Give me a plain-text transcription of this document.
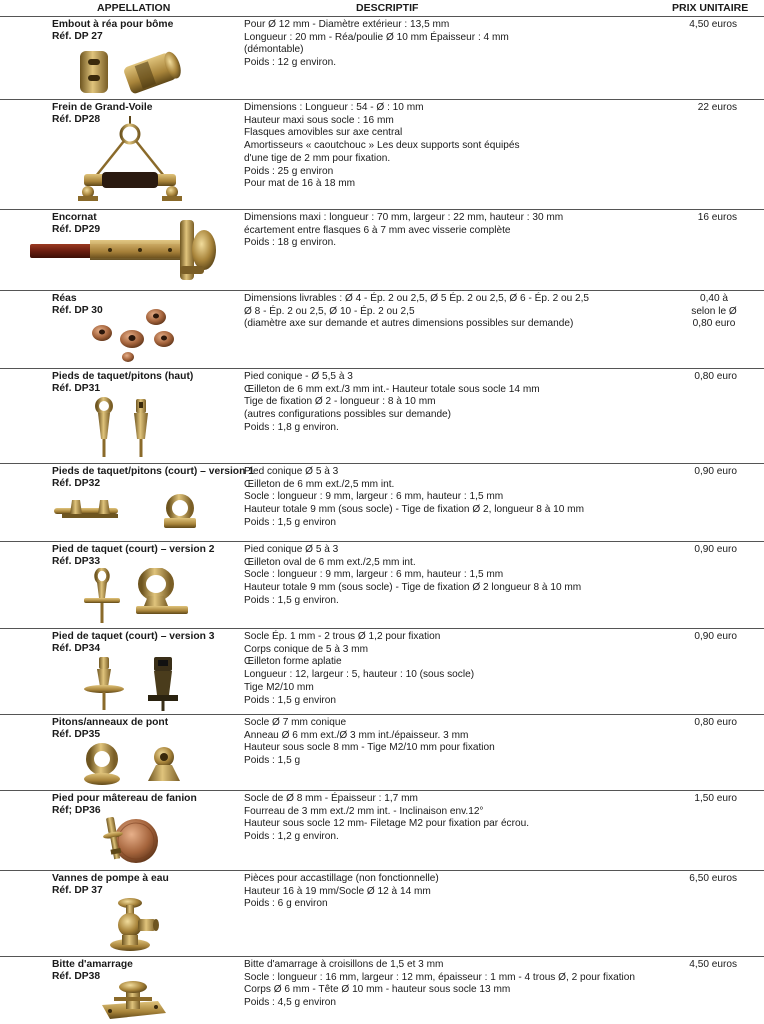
APPELLATION	DESCRIPTIF	PRIX UNITAIRE
Embout à réa pour bôme
Réf. DP 27
Pour Ø 12 mm - Diamètre extérieur : 13,5 mm
Longueur : 20 mm - Réa/poulie Ø 10 mm Épaisseur : 4 mm
(démontable)
Poids : 12 g environ.
4,50 euros
Frein de Grand-Voile
Réf. DP28
Dimensions : Longueur : 54 - Ø : 10 mm
Hauteur maxi sous socle : 16 mm
Flasques amovibles sur axe central
Amortisseurs « caoutchouc » Les deux supports sont équipés
d'une tige de 2 mm pour fixation.
Poids : 25 g environ
Pour mat de 16 à 18 mm
22 euros
Encornat
Réf. DP29
Dimensions maxi : longueur : 70 mm, largeur : 22 mm, hauteur : 30 mm
écartement entre flasques 6 à 7 mm avec visserie complète
Poids : 18 g environ.
16 euros
Réas
Réf. DP 30
Dimensions livrables : Ø 4 - Ép. 2 ou 2,5, Ø 5 Ép. 2 ou 2,5, Ø 6 - Ép. 2 ou 2,5
Ø 8 - Ép. 2 ou 2,5, Ø 10 - Ép. 2 ou 2,5
(diamètre axe sur demande et autres dimensions possibles sur demande)
0,40 à
selon le Ø
0,80 euro
Pieds de taquet/pitons (haut)
Réf. DP31
Pied conique - Ø 5,5 à 3
Œilleton de 6 mm ext./3 mm int.- Hauteur totale sous socle 14 mm
Tige de fixation Ø 2 - longueur : 8 à 10 mm
(autres configurations possibles sur demande)
Poids : 1,8 g environ.
0,80 euro
Pieds de taquet/pitons (court) – version 1
Réf. DP32
Pied conique Ø 5 à 3
Œilleton de 6 mm ext./2,5 mm int.
Socle : longueur : 9 mm, largeur : 6 mm, hauteur : 1,5 mm
Hauteur totale 9 mm (sous socle) - Tige de fixation Ø 2, longueur 8 à 10 mm
Poids : 1,5 g environ
0,90 euro
Pied de taquet (court) – version 2
Réf. DP33
Pied conique Ø 5 à 3
Œilleton oval de 6 mm ext./2,5 mm int.
Socle : longueur : 9 mm, largeur : 6 mm, hauteur : 1,5 mm
Hauteur totale 9 mm (sous socle) - Tige de fixation Ø 2 longueur 8 à 10 mm
Poids : 1,5 g environ.
0,90 euro
Pied de taquet (court) – version 3
Réf. DP34
Socle Ép. 1 mm - 2 trous Ø 1,2 pour fixation
Corps conique de 5 à 3 mm
Œilleton forme aplatie
Longueur : 12, largeur : 5, hauteur : 10 (sous socle)
Tige M2/10 mm
Poids : 1,5 g environ
0,90 euro
Pitons/anneaux de pont
Réf. DP35
Socle Ø 7 mm conique
Anneau Ø 6 mm ext./Ø 3 mm int./épaisseur. 3 mm
Hauteur sous socle 8 mm - Tige M2/10 mm pour fixation
Poids : 1,5 g
0,80 euro
Pied pour mâtereau de fanion
Réf; DP36
Socle de Ø 8 mm - Épaisseur : 1,7 mm
Fourreau de 3 mm ext./2 mm int. - Inclinaison env.12°
Hauteur sous socle 12 mm- Filetage M2 pour fixation par écrou.
Poids : 1,2 g environ.
1,50 euro
Vannes de pompe à eau
Réf. DP 37
Pièces pour accastillage (non fonctionnelle)
Hauteur 16 à 19 mm/Socle Ø 12 à 14 mm
Poids : 6 g environ
6,50 euros
Bitte d'amarrage
Réf. DP38
Bitte d'amarrage à croisillons de 1,5 et 3 mm
Socle : longueur : 16 mm, largeur : 12 mm, épaisseur : 1 mm - 4 trous Ø, 2 pour fixation
Corps Ø 6 mm - Tête Ø 10 mm - hauteur sous socle 13 mm
Poids : 4,5 g environ
4,50 euros
